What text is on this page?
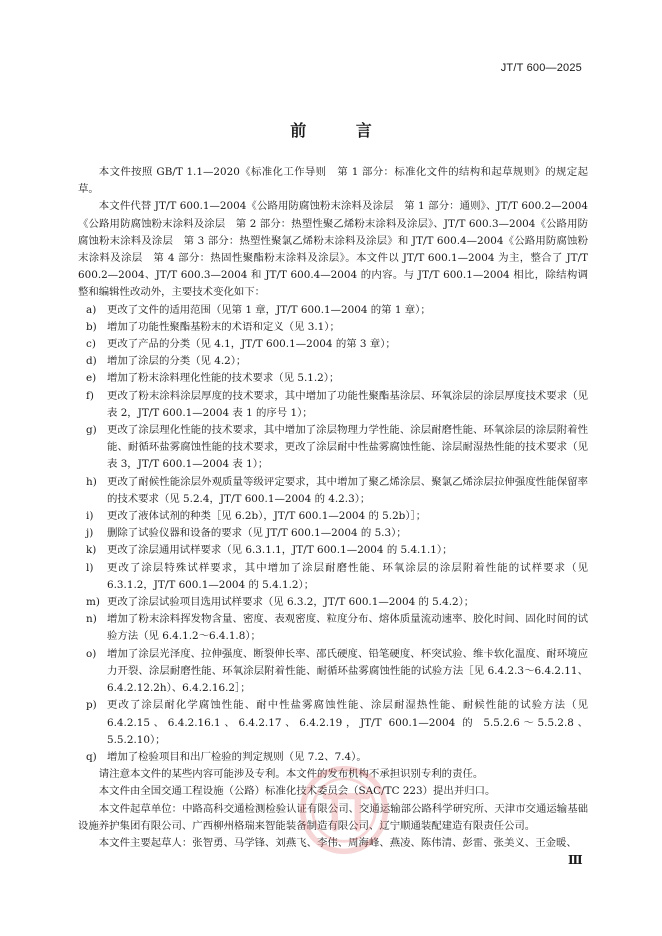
JT/T 600—2025
前 言

本文件按照 GB/T 1.1—2020《标准化工作导则　第 1 部分：标准化文件的结构和起草规则》的规定起草。

本文件代替 JT/T 600.1—2004《公路用防腐蚀粉末涂料及涂层　第 1 部分：通则》、JT/T 600.2—2004《公路用防腐蚀粉末涂料及涂层　第 2 部分：热塑性聚乙烯粉末涂料及涂层》、JT/T 600.3—2004《公路用防腐蚀粉末涂料及涂层　第 3 部分：热塑性聚氯乙烯粉末涂料及涂层》和 JT/T 600.4—2004《公路用防腐蚀粉末涂料及涂层　第 4 部分：热固性聚酯粉末涂料及涂层》。本文件以 JT/T 600.1—2004 为主，整合了 JT/T 600.2—2004、JT/T 600.3—2004 和 JT/T 600.4—2004 的内容。与 JT/T 600.1—2004 相比，除结构调整和编辑性改动外，主要技术变化如下：

a) 更改了文件的适用范围（见第 1 章，JT/T 600.1—2004 的第 1 章）；
b) 增加了功能性聚酯基粉末的术语和定义（见 3.1）；
c) 更改了产品的分类（见 4.1，JT/T 600.1—2004 的第 3 章）；
d) 增加了涂层的分类（见 4.2）；
e) 增加了粉末涂料理化性能的技术要求（见 5.1.2）；
f) 更改了粉末涂料涂层厚度的技术要求，其中增加了功能性聚酯基涂层、环氧涂层的涂层厚度技术要求（见表 2，JT/T 600.1—2004 表 1 的序号 1）；
g) 更改了涂层理化性能的技术要求，其中增加了涂层物理力学性能、涂层耐磨性能、环氧涂层的涂层附着性能、耐循环盐雾腐蚀性能的技术要求，更改了涂层耐中性盐雾腐蚀性能、涂层耐湿热性能的技术要求（见表 3，JT/T 600.1—2004 表 1）；
h) 更改了耐候性能涂层外观质量等级评定要求，其中增加了聚乙烯涂层、聚氯乙烯涂层拉伸强度性能保留率的技术要求（见 5.2.4，JT/T 600.1—2004 的 4.2.3）；
i) 更改了液体试剂的种类［见 6.2b），JT/T 600.1—2004 的 5.2b）］；
j) 删除了试验仪器和设备的要求（见 JT/T 600.1—2004 的 5.3）；
k) 更改了涂层通用试样要求（见 6.3.1.1，JT/T 600.1—2004 的 5.4.1.1）；
l) 更改了涂层特殊试样要求，其中增加了涂层耐磨性能、环氧涂层的涂层附着性能的试样要求（见 6.3.1.2，JT/T 600.1—2004 的 5.4.1.2）；
m) 更改了涂层试验项目选用试样要求（见 6.3.2，JT/T 600.1—2004 的 5.4.2）；
n) 增加了粉末涂料挥发物含量、密度、表观密度、粒度分布、熔体质量流动速率、胶化时间、固化时间的试验方法（见 6.4.1.2～6.4.1.8）；
o) 增加了涂层光泽度、拉伸强度、断裂伸长率、邵氏硬度、铅笔硬度、杯突试验、维卡软化温度、耐环境应力开裂、涂层耐磨性能、环氧涂层附着性能、耐循环盐雾腐蚀性能的试验方法［见 6.4.2.3～6.4.2.11、6.4.2.12.2h）、6.4.2.16.2］；
p) 更改了涂层耐化学腐蚀性能、耐中性盐雾腐蚀性能、涂层耐湿热性能、耐候性能的试验方法（见 6.4.2.15、6.4.2.16.1、6.4.2.17、6.4.2.19，JT/T 600.1—2004 的 5.5.2.6～5.5.2.8、5.5.2.10）；
q) 增加了检验项目和出厂检验的判定规则（见 7.2、7.4）。

请注意本文件的某些内容可能涉及专利。本文件的发布机构不承担识别专利的责任。

本文件由全国交通工程设施（公路）标准化技术委员会（SAC/TC 223）提出并归口。

本文件起草单位：中路高科交通检测检验认证有限公司、交通运输部公路科学研究所、天津市交通运输基础设施养护集团有限公司、广西柳州格瑞来智能装备制造有限公司、辽宁顺通装配建造有限责任公司。

本文件主要起草人：张智勇、马学锋、刘燕飞、李伟、周海峰、燕凌、陈伟清、彭雷、张美义、王金暖、

Ⅲ
